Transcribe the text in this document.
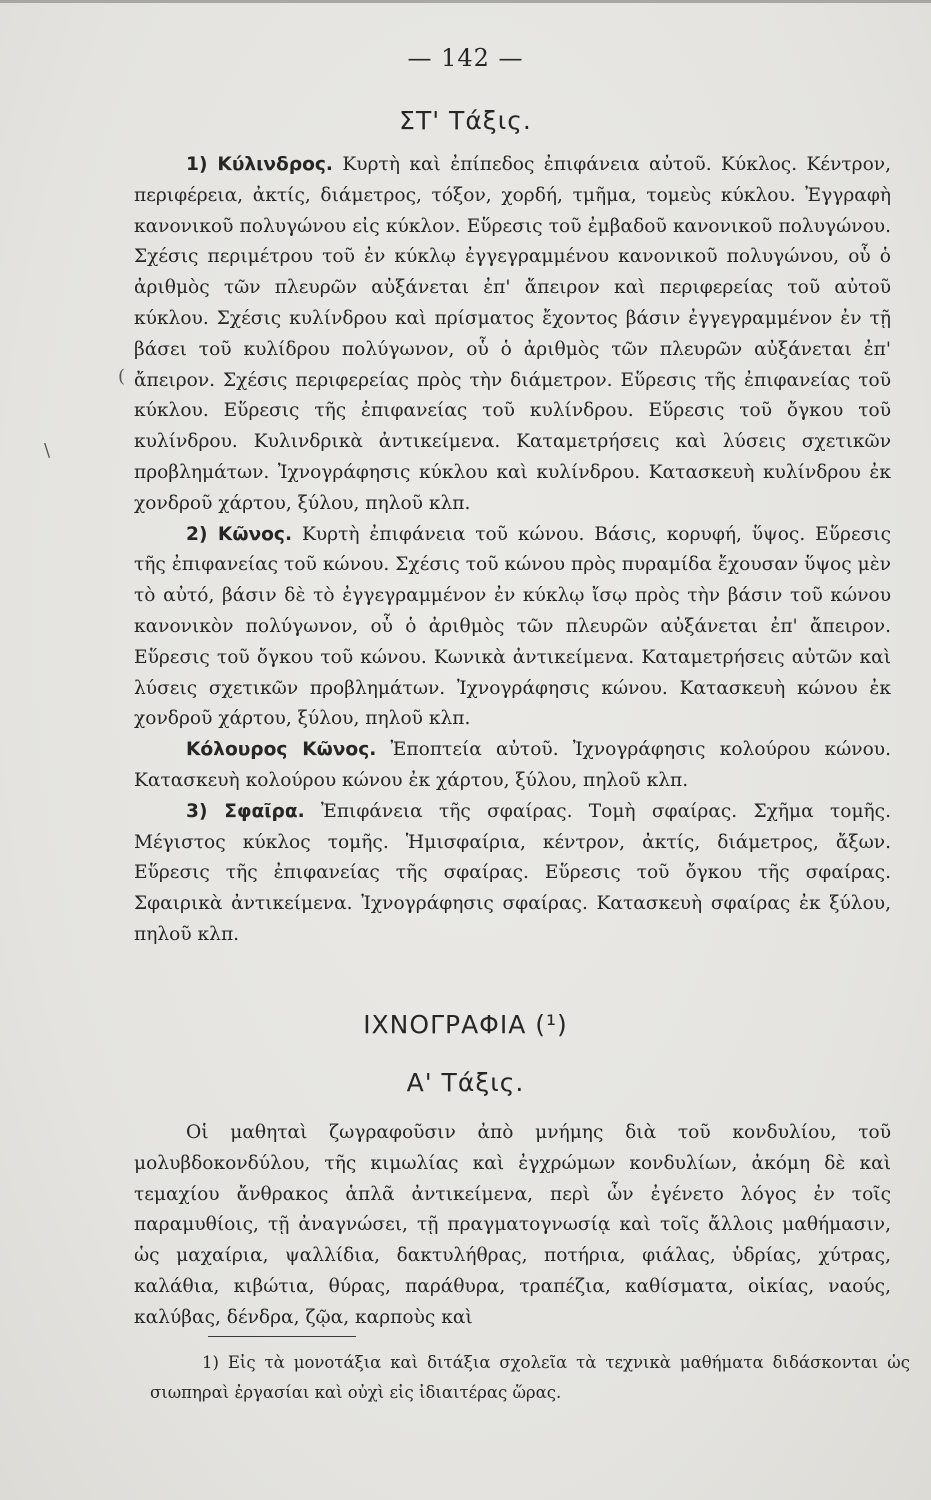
— 142 —
ΣΤ' Τάξις.

1) Κύλινδρος. Κυρτὴ καὶ ἐπίπεδος ἐπιφάνεια αὐτοῦ. Κύκλος. Κέντρον, περιφέρεια, ἀκτίς, διάμετρος, τόξον, χορδή, τμῆμα, τομεὺς κύκλου. Ἐγγραφὴ κανονικοῦ πολυγώνου εἰς κύκλον. Εὕρεσις τοῦ ἐμβαδοῦ κανονικοῦ πολυγώνου. Σχέσις περιμέτρου τοῦ ἐν κύκλῳ ἐγγεγραμμένου κανονικοῦ πολυγώνου, οὗ ὁ ἀριθμὸς τῶν πλευρῶν αὐξάνεται ἐπ' ἄπειρον καὶ περιφερείας τοῦ αὐτοῦ κύκλου. Σχέσις κυλίνδρου καὶ πρίσματος ἔχοντος βάσιν ἐγγεγραμμένον ἐν τῇ βάσει τοῦ κυλίδρου πολύγωνον, οὗ ὁ ἀριθμὸς τῶν πλευρῶν αὐξάνεται ἐπ' ἄπειρον. Σχέσις περιφερείας πρὸς τὴν διάμετρον. Εὕρεσις τῆς ἐπιφανείας τοῦ κύκλου. Εὕρεσις τῆς ἐπιφανείας τοῦ κυλίνδρου. Εὕρεσις τοῦ ὄγκου τοῦ κυλίνδρου. Κυλινδρικὰ ἀντικείμενα. Καταμετρήσεις καὶ λύσεις σχετικῶν προβλημάτων. Ἰχνογράφησις κύκλου καὶ κυλίνδρου. Κατασκευὴ κυλίνδρου ἐκ χονδροῦ χάρτου, ξύλου, πηλοῦ κλπ.

2) Κῶνος. Κυρτὴ ἐπιφάνεια τοῦ κώνου. Βάσις, κορυφή, ὕψος. Εὕρεσις τῆς ἐπιφανείας τοῦ κώνου. Σχέσις τοῦ κώνου πρὸς πυραμίδα ἔχουσαν ὕψος μὲν τὸ αὐτό, βάσιν δὲ τὸ ἐγγεγραμμένον ἐν κύκλῳ ἴσῳ πρὸς τὴν βάσιν τοῦ κώνου κανονικὸν πολύγωνον, οὗ ὁ ἀριθμὸς τῶν πλευρῶν αὐξάνεται ἐπ' ἄπειρον. Εὕρεσις τοῦ ὄγκου τοῦ κώνου. Κωνικὰ ἀντικείμενα. Καταμετρήσεις αὐτῶν καὶ λύσεις σχετικῶν προβλημάτων. Ἰχνογράφησις κώνου. Κατασκευὴ κώνου ἐκ χονδροῦ χάρτου, ξύλου, πηλοῦ κλπ.

Κόλουρος Κῶνος. Ἐποπτεία αὐτοῦ. Ἰχνογράφησις κολούρου κώνου. Κατασκευὴ κολούρου κώνου ἐκ χάρτου, ξύλου, πηλοῦ κλπ.

3) Σφαῖρα. Ἐπιφάνεια τῆς σφαίρας. Τομὴ σφαίρας. Σχῆμα τομῆς. Μέγιστος κύκλος τομῆς. Ἡμισφαίρια, κέντρον, ἀκτίς, διάμετρος, ἄξων. Εὕρεσις τῆς ἐπιφανείας τῆς σφαίρας. Εὕρεσις τοῦ ὄγκου τῆς σφαίρας. Σφαιρικὰ ἀντικείμενα. Ἰχνογράφησις σφαίρας. Κατασκευὴ σφαίρας ἐκ ξύλου, πηλοῦ κλπ.

ΙΧΝΟΓΡΑΦΙΑ (¹)
Α' Τάξις.

Οἱ μαθηταὶ ζωγραφοῦσιν ἀπὸ μνήμης διὰ τοῦ κονδυλίου, τοῦ μολυβδοκονδύλου, τῆς κιμωλίας καὶ ἐγχρώμων κονδυλίων, ἀκόμη δὲ καὶ τεμαχίου ἄνθρακος ἁπλᾶ ἀντικείμενα, περὶ ὧν ἐγένετο λόγος ἐν τοῖς παραμυθίοις, τῇ ἀναγνώσει, τῇ πραγματογνωσίᾳ καὶ τοῖς ἄλλοις μαθήμασιν, ὡς μαχαίρια, ψαλλίδια, δακτυλήθρας, ποτήρια, φιάλας, ὑδρίας, χύτρας, καλάθια, κιβώτια, θύρας, παράθυρα, τραπέζια, καθίσματα, οἰκίας, ναούς, καλύβας, δένδρα, ζῷα, καρποὺς καὶ

1) Εἰς τὰ μονοτάξια καὶ διτάξια σχολεῖα τὰ τεχνικὰ μαθήματα διδάσκονται ὡς σιωπηραὶ ἐργασίαι καὶ οὐχὶ εἰς ἰδιαιτέρας ὥρας.
(
\
